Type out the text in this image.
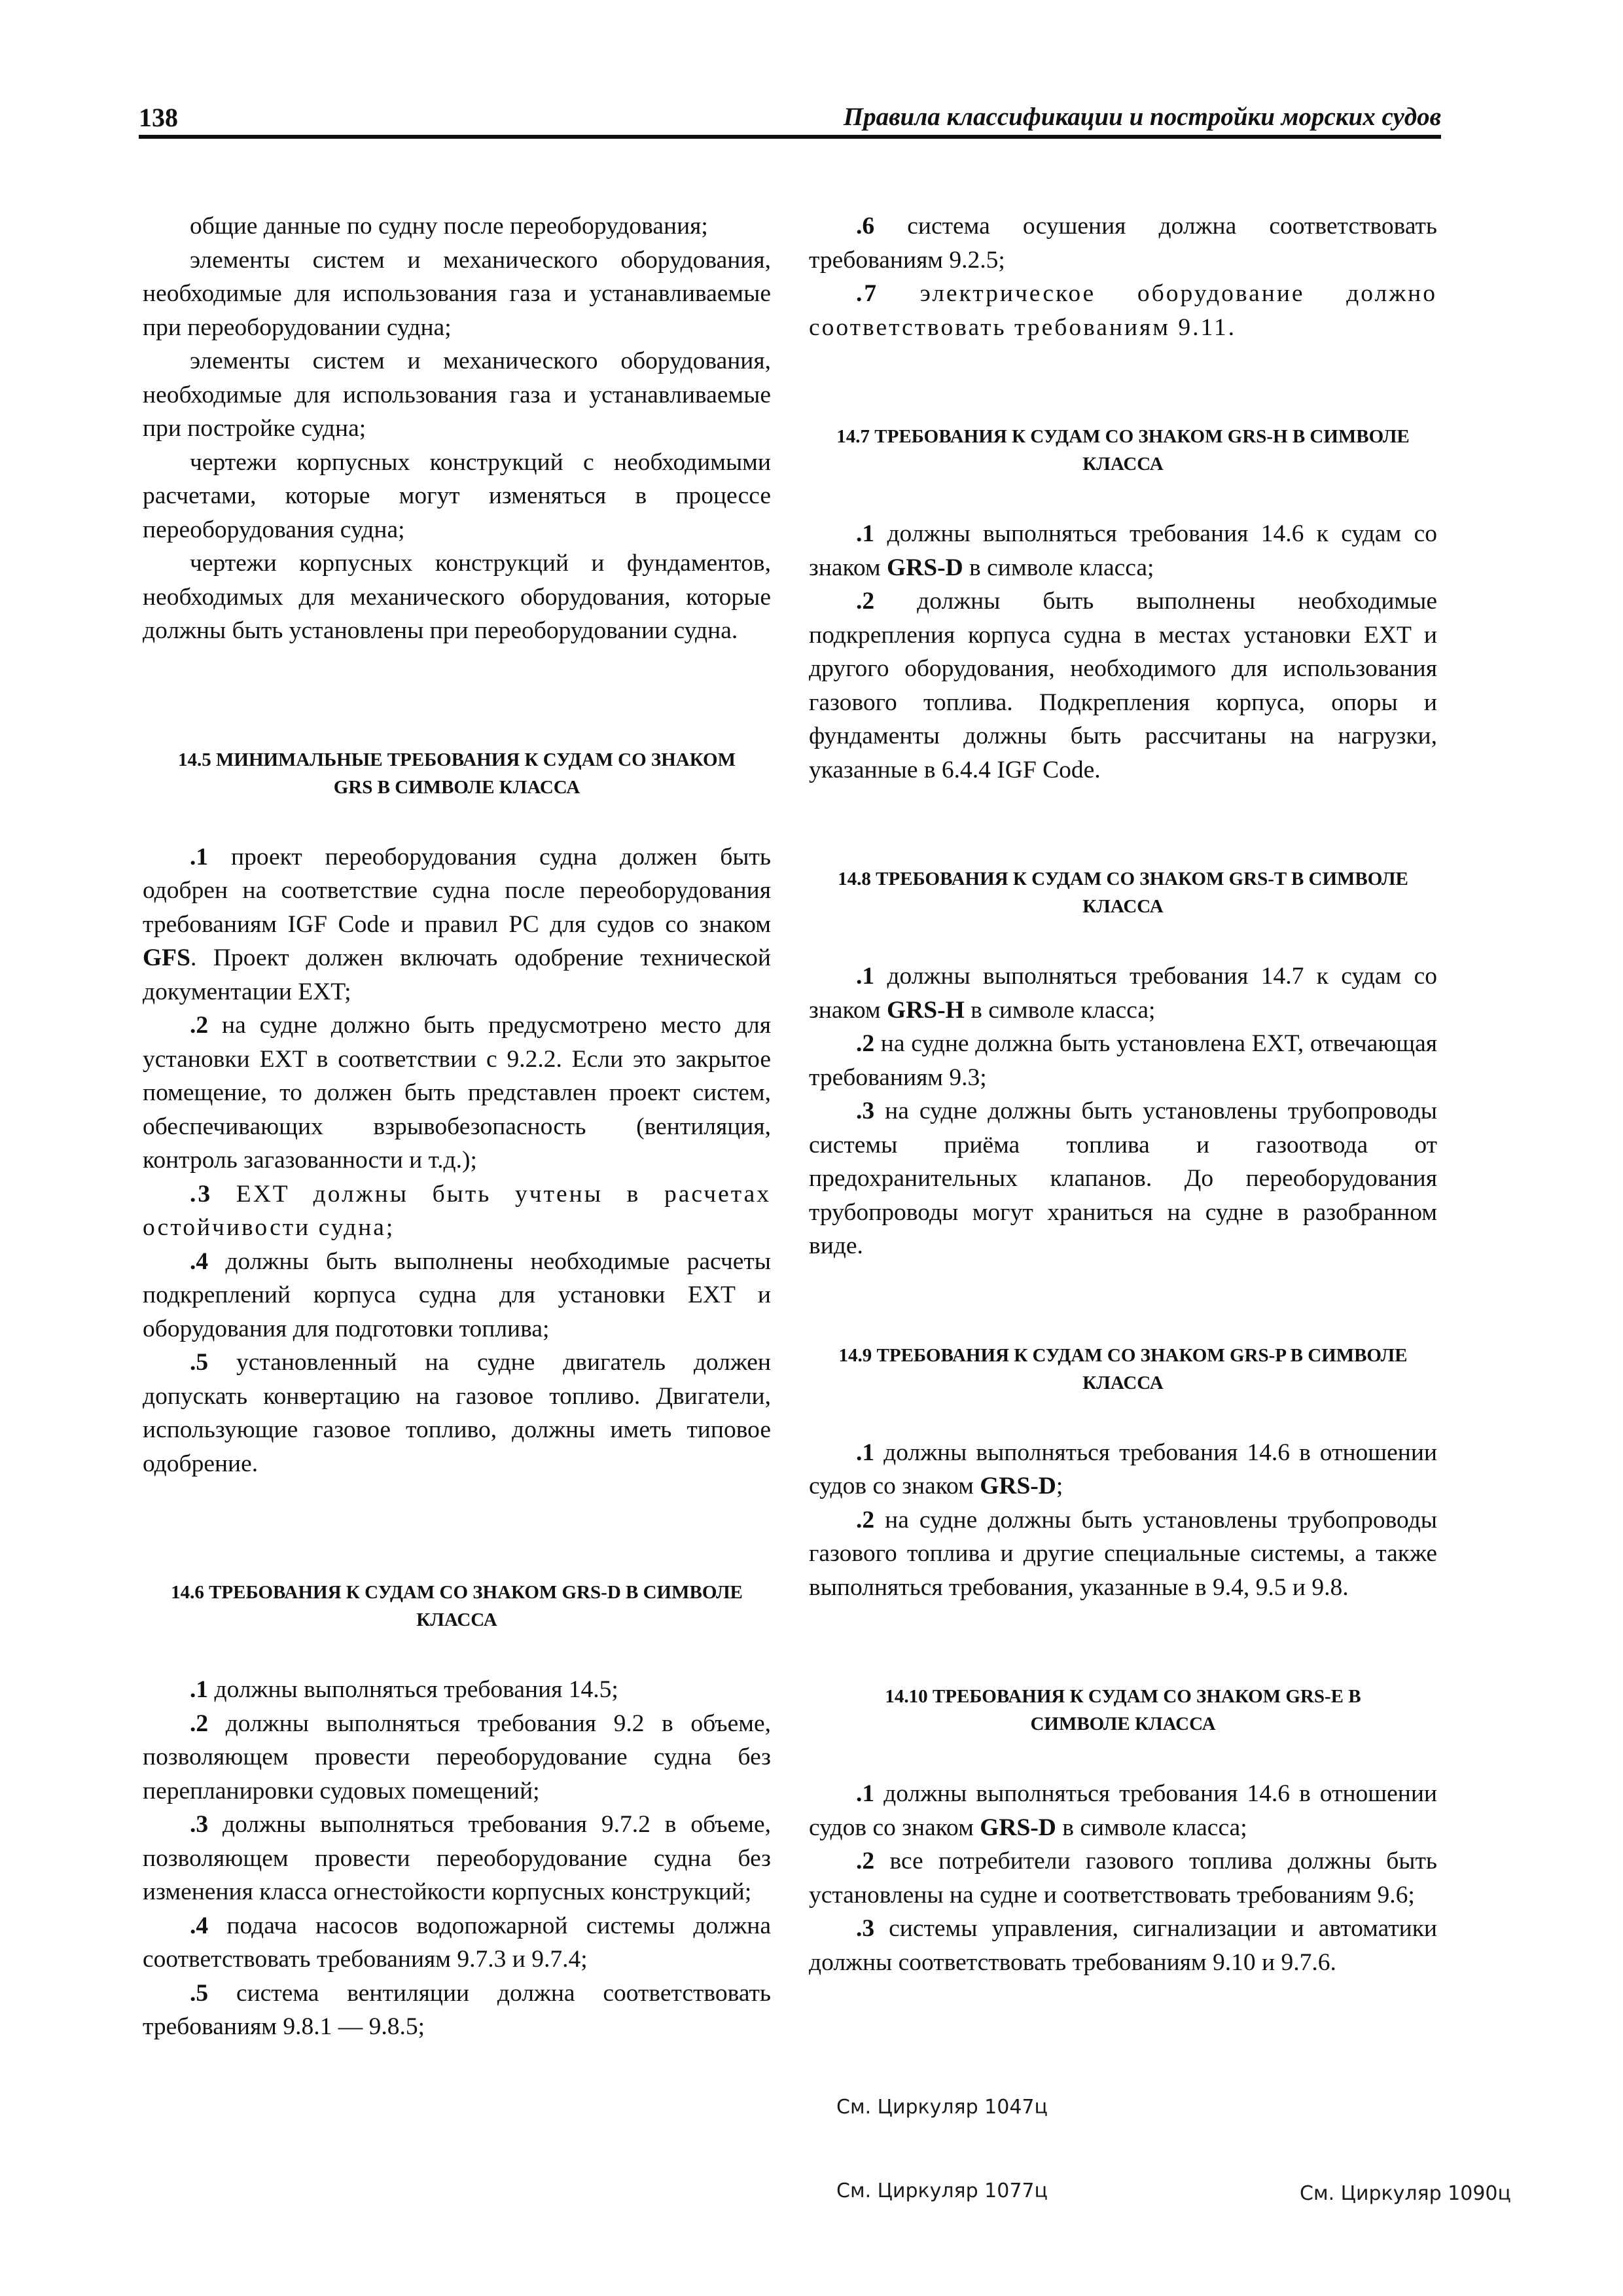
138	Правила классификации и постройки морских судов

общие данные по судну после переоборудования;

элементы систем и механического оборудования, необходимые для использования газа и устанавливаемые при переоборудовании судна;

элементы систем и механического оборудования, необходимые для использования газа и устанавливаемые при постройке судна;

чертежи корпусных конструкций с необходимыми расчетами, которые могут изменяться в процессе переоборудования судна;

чертежи корпусных конструкций и фундаментов, необходимых для механического оборудования, которые должны быть установлены при переоборудовании судна.

14.5 МИНИМАЛЬНЫЕ ТРЕБОВАНИЯ К СУДАМ СО ЗНАКОМ GRS В СИМВОЛЕ КЛАССА

.1 проект переоборудования судна должен быть одобрен на соответствие судна после переоборудования требованиям IGF Code и правил РС для судов со знаком GFS. Проект должен включать одобрение технической документации EXT;

.2 на судне должно быть предусмотрено место для установки EXT в соответствии с 9.2.2. Если это закрытое помещение, то должен быть представлен проект систем, обеспечивающих взрывобезопасность (вентиляция, контроль загазованности и т.д.);

.3 EXT должны быть учтены в расчетах остойчивости судна;

.4 должны быть выполнены необходимые расчеты подкреплений корпуса судна для установки EXT и оборудования для подготовки топлива;

.5 установленный на судне двигатель должен допускать конвертацию на газовое топливо. Двигатели, использующие газовое топливо, должны иметь типовое одобрение.

14.6 ТРЕБОВАНИЯ К СУДАМ СО ЗНАКОМ GRS-D В СИМВОЛЕ КЛАССА

.1 должны выполняться требования 14.5;

.2 должны выполняться требования 9.2 в объеме, позволяющем провести переоборудование судна без перепланировки судовых помещений;

.3 должны выполняться требования 9.7.2 в объеме, позволяющем провести переоборудование судна без изменения класса огнестойкости корпусных конструкций;

.4 подача насосов водопожарной системы должна соответствовать требованиям 9.7.3 и 9.7.4;

.5 система вентиляции должна соответствовать требованиям 9.8.1 — 9.8.5;

.6 система осушения должна соответствовать требованиям 9.2.5;

.7 электрическое оборудование должно соответствовать требованиям 9.11.

14.7 ТРЕБОВАНИЯ К СУДАМ СО ЗНАКОМ GRS-H В СИМВОЛЕ КЛАССА

.1 должны выполняться требования 14.6 к судам со знаком GRS-D в символе класса;

.2 должны быть выполнены необходимые подкрепления корпуса судна в местах установки EXT и другого оборудования, необходимого для использования газового топлива. Подкрепления корпуса, опоры и фундаменты должны быть рассчитаны на нагрузки, указанные в 6.4.4 IGF Code.

14.8 ТРЕБОВАНИЯ К СУДАМ СО ЗНАКОМ GRS-T В СИМВОЛЕ КЛАССА

.1 должны выполняться требования 14.7 к судам со знаком GRS-H в символе класса;

.2 на судне должна быть установлена EXT, отвечающая требованиям 9.3;

.3 на судне должны быть установлены трубопроводы системы приёма топлива и газоотвода от предохранительных клапанов. До переоборудования трубопроводы могут храниться на судне в разобранном виде.

14.9 ТРЕБОВАНИЯ К СУДАМ СО ЗНАКОМ GRS-P В СИМВОЛЕ КЛАССА

.1 должны выполняться требования 14.6 в отношении судов со знаком GRS-D;

.2 на судне должны быть установлены трубопроводы газового топлива и другие специальные системы, а также выполняться требования, указанные в 9.4, 9.5 и 9.8.

14.10 ТРЕБОВАНИЯ К СУДАМ СО ЗНАКОМ GRS-E В СИМВОЛЕ КЛАССА

.1 должны выполняться требования 14.6 в отношении судов со знаком GRS-D в символе класса;

.2 все потребители газового топлива должны быть установлены на судне и соответствовать требованиям 9.6;

.3 системы управления, сигнализации и автоматики должны соответствовать требованиям 9.10 и 9.7.6.

См. Циркуляр 1047ц
См. Циркуляр 1077ц	См. Циркуляр 1090ц
